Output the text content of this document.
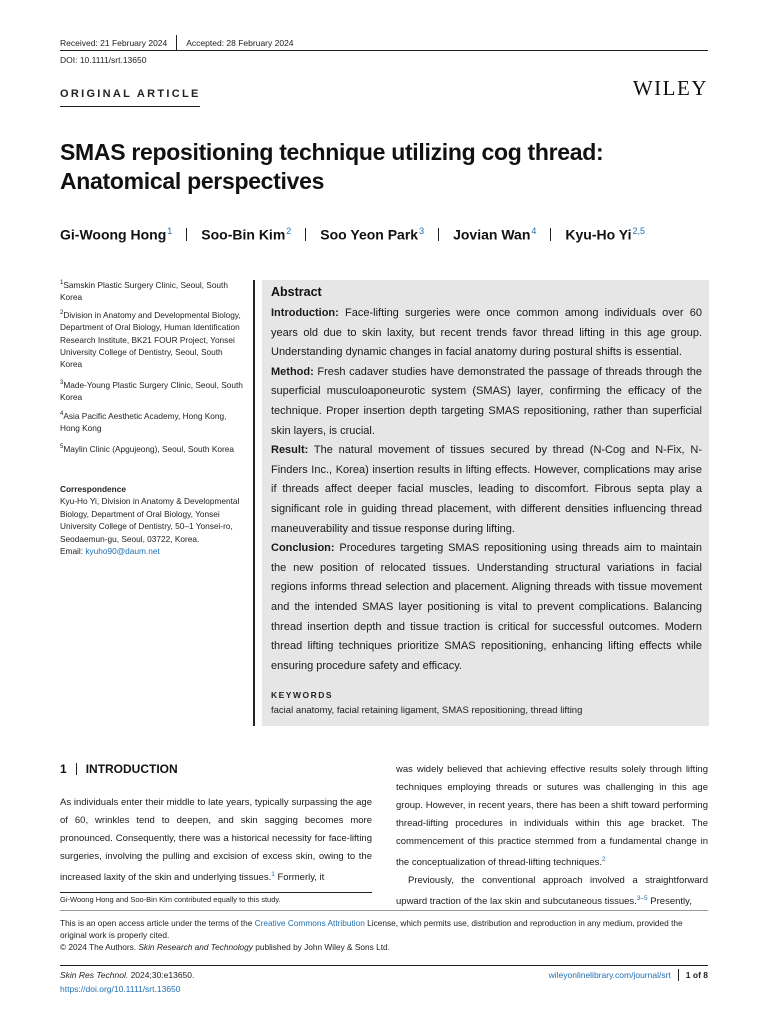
Received: 21 February 2024 Accepted: 28 February 2024
DOI: 10.1111/srt.13650
WILEY
ORIGINAL ARTICLE
SMAS repositioning technique utilizing cog thread: Anatomical perspectives
Gi-Woong Hong$^1$ Soo-Bin Kim$^2$ Soo Yeon Park$^3$ Jovian Wan$^4$ Kyu-Ho Yi$^{2,5}$
$^1$Samskin Plastic Surgery Clinic, Seoul, South Korea
$^2$Division in Anatomy and Developmental Biology, Department of Oral Biology, Human Identification Research Institute, BK21 FOUR Project, Yonsei University College of Dentistry, Seoul, South Korea
$^3$Made-Young Plastic Surgery Clinic, Seoul, South Korea
$^4$Asia Pacific Aesthetic Academy, Hong Kong, Hong Kong
$^5$Maylin Clinic (Apgujeong), Seoul, South Korea
Correspondence
Kyu-Ho Yi, Division in Anatomy & Developmental Biology, Department of Oral Biology, Yonsei University College of Dentistry, 50–1 Yonsei-ro, Seodaemun-gu, Seoul, 03722, Korea.
Email: kyuho90@daum.net
Abstract

Introduction: Face-lifting surgeries were once common among individuals over 60 years old due to skin laxity, but recent trends favor thread lifting in this age group. Understanding dynamic changes in facial anatomy during postural shifts is essential.

Method: Fresh cadaver studies have demonstrated the passage of threads through the superficial musculoaponeurotic system (SMAS) layer, confirming the efficacy of the technique. Proper insertion depth targeting SMAS repositioning, rather than superficial skin layers, is crucial.

Result: The natural movement of tissues secured by thread (N-Cog and N-Fix, N-Finders Inc., Korea) insertion results in lifting effects. However, complications may arise if threads affect deeper facial muscles, leading to discomfort. Fibrous septa play a significant role in guiding thread placement, with different densities influencing thread maneuverability and tissue response during lifting.

Conclusion: Procedures targeting SMAS repositioning using threads aim to maintain the new position of relocated tissues. Understanding structural variations in facial regions informs thread selection and placement. Aligning threads with tissue movement and the intended SMAS layer positioning is vital to prevent complications. Balancing thread insertion depth and tissue traction is critical for successful outcomes. Modern thread lifting techniques prioritize SMAS repositioning, enhancing lifting effects while ensuring procedure safety and efficacy.

KEYWORDS
facial anatomy, facial retaining ligament, SMAS repositioning, thread lifting
1 INTRODUCTION

As individuals enter their middle to late years, typically surpassing the age of 60, wrinkles tend to deepen, and skin sagging becomes more pronounced. Consequently, there was a historical necessity for face-lifting surgeries, involving the pulling and excision of excess skin, owing to the increased laxity of the skin and underlying tissues.$^1$ Formerly, it

was widely believed that achieving effective results solely through lifting techniques employing threads or sutures was challenging in this age group. However, in recent years, there has been a shift toward performing thread-lifting procedures in individuals within this age bracket. The commencement of this practice stemmed from a fundamental change in the conceptualization of thread-lifting techniques.$^2$

Previously, the conventional approach involved a straightforward upward traction of the lax skin and subcutaneous tissues.$^{3-5}$ Presently,

Gi-Woong Hong and Soo-Bin Kim contributed equally to this study.
This is an open access article under the terms of the Creative Commons Attribution License, which permits use, distribution and reproduction in any medium, provided the original work is properly cited.
© 2024 The Authors. Skin Research and Technology published by John Wiley & Sons Ltd.
Skin Res Technol. 2024;30:e13650.
https://doi.org/10.1111/srt.13650
wileyonlinelibrary.com/journal/srt 1 of 8
